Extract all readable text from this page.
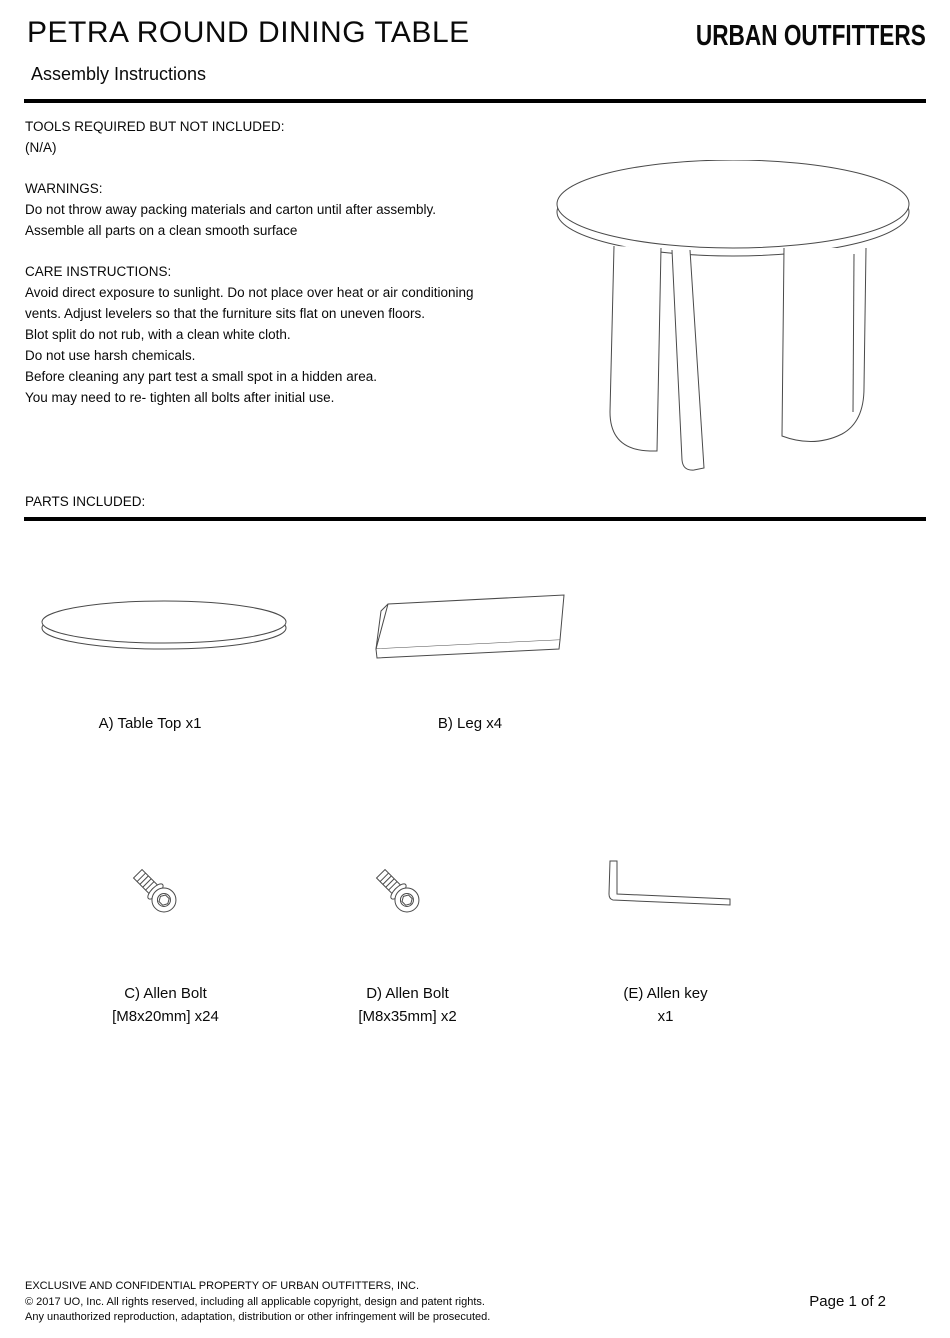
PETRA ROUND DINING TABLE	URBAN OUTFITTERS
Assembly Instructions
TOOLS REQUIRED BUT NOT INCLUDED:
(N/A)
WARNINGS:
Do not throw away packing materials and carton until after assembly.
Assemble all parts on a clean smooth surface
CARE INSTRUCTIONS:
Avoid direct exposure to sunlight. Do not place over heat or air conditioning
vents. Adjust levelers so that the furniture sits flat on uneven floors.
Blot split do not rub, with a clean white cloth.
Do not use harsh chemicals.
Before cleaning any part test a small spot in a hidden area.
You may need to re- tighten all bolts after initial use.
PARTS INCLUDED:
A) Table Top x1	B) Leg x4
C) Allen Bolt
[M8x20mm] x24
D) Allen Bolt
[M8x35mm] x2
(E) Allen key
x1
EXCLUSIVE AND CONFIDENTIAL PROPERTY OF URBAN OUTFITTERS, INC.
© 2017 UO, Inc. All rights reserved, including all applicable copyright, design and patent rights.
Any unauthorized reproduction, adaptation, distribution or other infringement will be prosecuted.
Page 1 of 2
